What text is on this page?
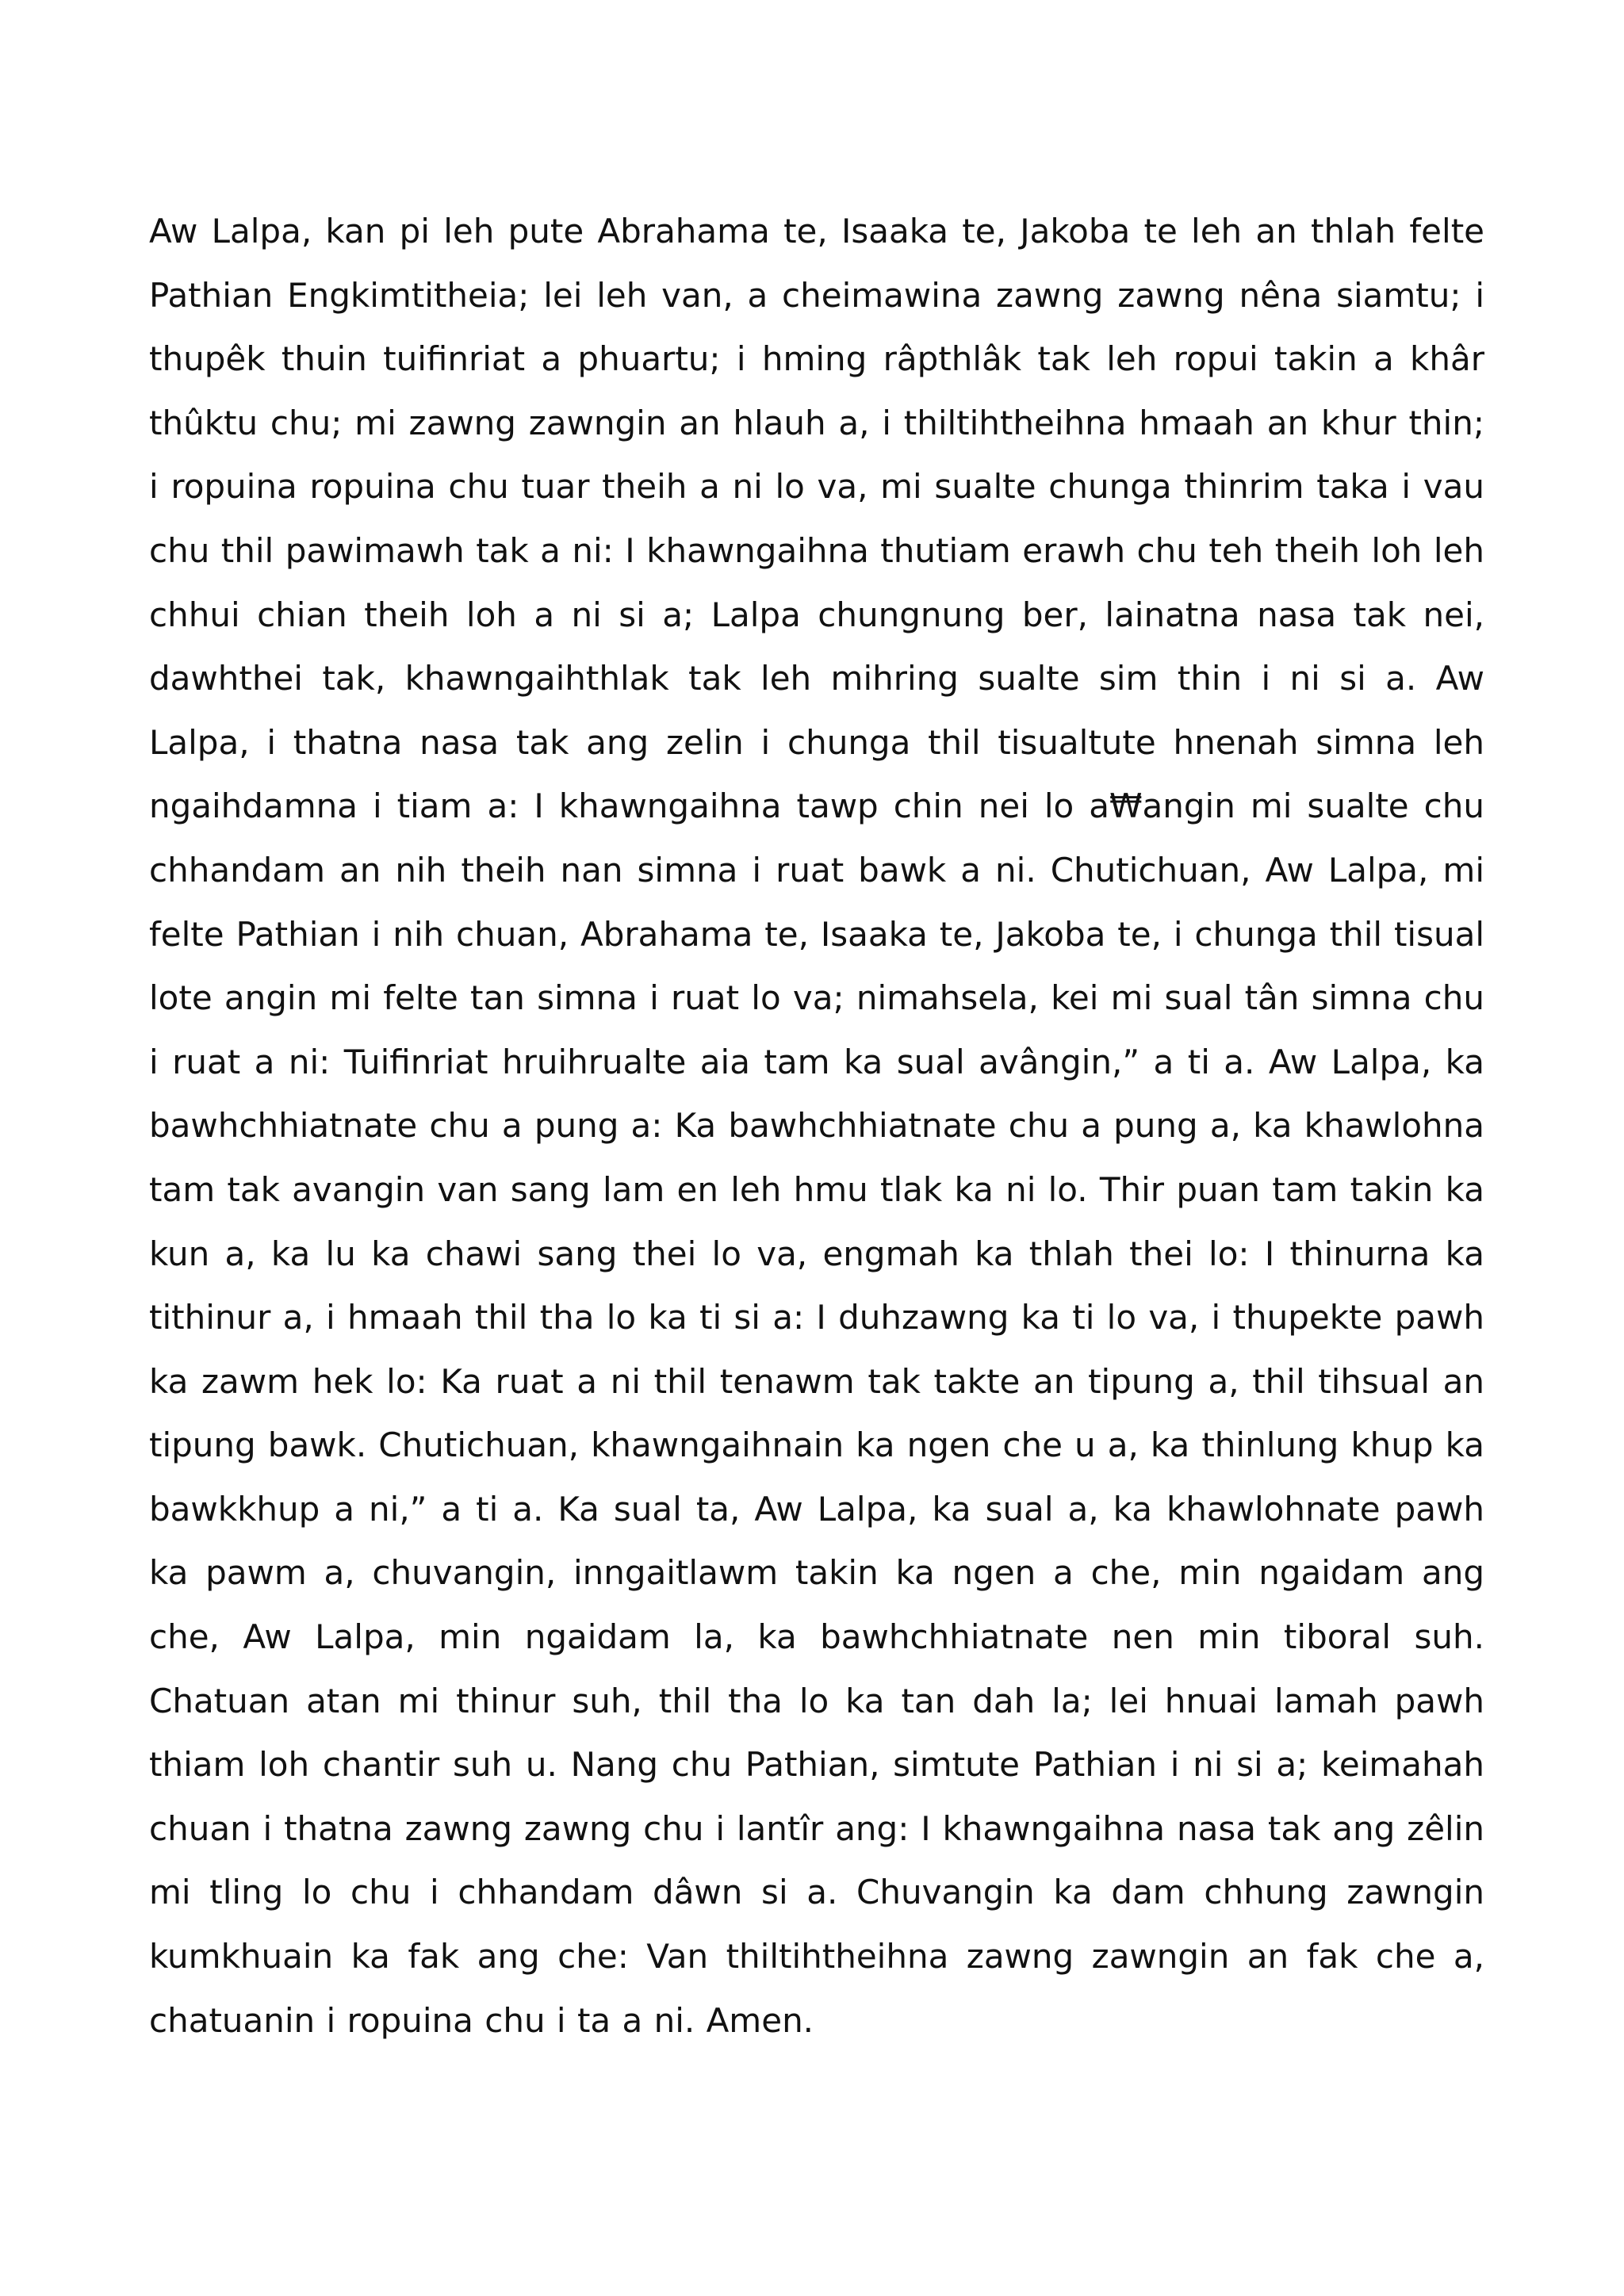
Aw Lalpa, kan pi leh pute Abrahama te, Isaaka te, Jakoba te leh an thlah felte Pathian Engkimtitheia; lei leh van, a cheimawina zawng zawng nêna siamtu; i thupêk thuin tuifinriat a phuartu; i hming râpthlâk tak leh ropui takin a khâr thûktu chu; mi zawng zawngin an hlauh a, i thiltihtheihna hmaah an khur thin; i ropuina ropuina chu tuar theih a ni lo va, mi sualte chunga thinrim taka i vau chu thil pawimawh tak a ni: I khawngaihna thutiam erawh chu teh theih loh leh chhui chian theih loh a ni si a; Lalpa chungnung ber, lainatna nasa tak nei, dawhthei tak, khawngaihthlak tak leh mihring sualte sim thin i ni si a. Aw Lalpa, i thatna nasa tak ang zelin i chunga thil tisualtute hnenah simna leh ngaihdamna i tiam a: I khawngaihna tawp chin nei lo a₩angin mi sualte chu chhandam an nih theih nan simna i ruat bawk a ni. Chutichuan, Aw Lalpa, mi felte Pathian i nih chuan, Abrahama te, Isaaka te, Jakoba te, i chunga thil tisual lote angin mi felte tan simna i ruat lo va; nimahsela, kei mi sual tân simna chu i ruat a ni: Tuifinriat hruihrualte aia tam ka sual avângin,” a ti a. Aw Lalpa, ka bawhchhiatnate chu a pung a: Ka bawhchhiatnate chu a pung a, ka khawlohna tam tak avangin van sang lam en leh hmu tlak ka ni lo. Thir puan tam takin ka kun a, ka lu ka chawi sang thei lo va, engmah ka thlah thei lo: I thinurna ka tithinur a, i hmaah thil tha lo ka ti si a: I duhzawng ka ti lo va, i thupekte pawh ka zawm hek lo: Ka ruat a ni thil tenawm tak takte an tipung a, thil tihsual an tipung bawk. Chutichuan, khawngaihnain ka ngen che u a, ka thinlung khup ka bawkkhup a ni,” a ti a. Ka sual ta, Aw Lalpa, ka sual a, ka khawlohnate pawh ka pawm a, chuvangin, inngaitlawm takin ka ngen a che, min ngaidam ang che, Aw Lalpa, min ngaidam la, ka bawhchhiatnate nen min tiboral suh. Chatuan atan mi thinur suh, thil tha lo ka tan dah la; lei hnuai lamah pawh thiam loh chantir suh u. Nang chu Pathian, simtute Pathian i ni si a; keimahah chuan i thatna zawng zawng chu i lantîr ang: I khawngaihna nasa tak ang zêlin mi tling lo chu i chhandam dâwn si a. Chuvangin ka dam chhung zawngin kumkhuain ka fak ang che: Van thiltihtheihna zawng zawngin an fak che a, chatuanin i ropuina chu i ta a ni. Amen.
